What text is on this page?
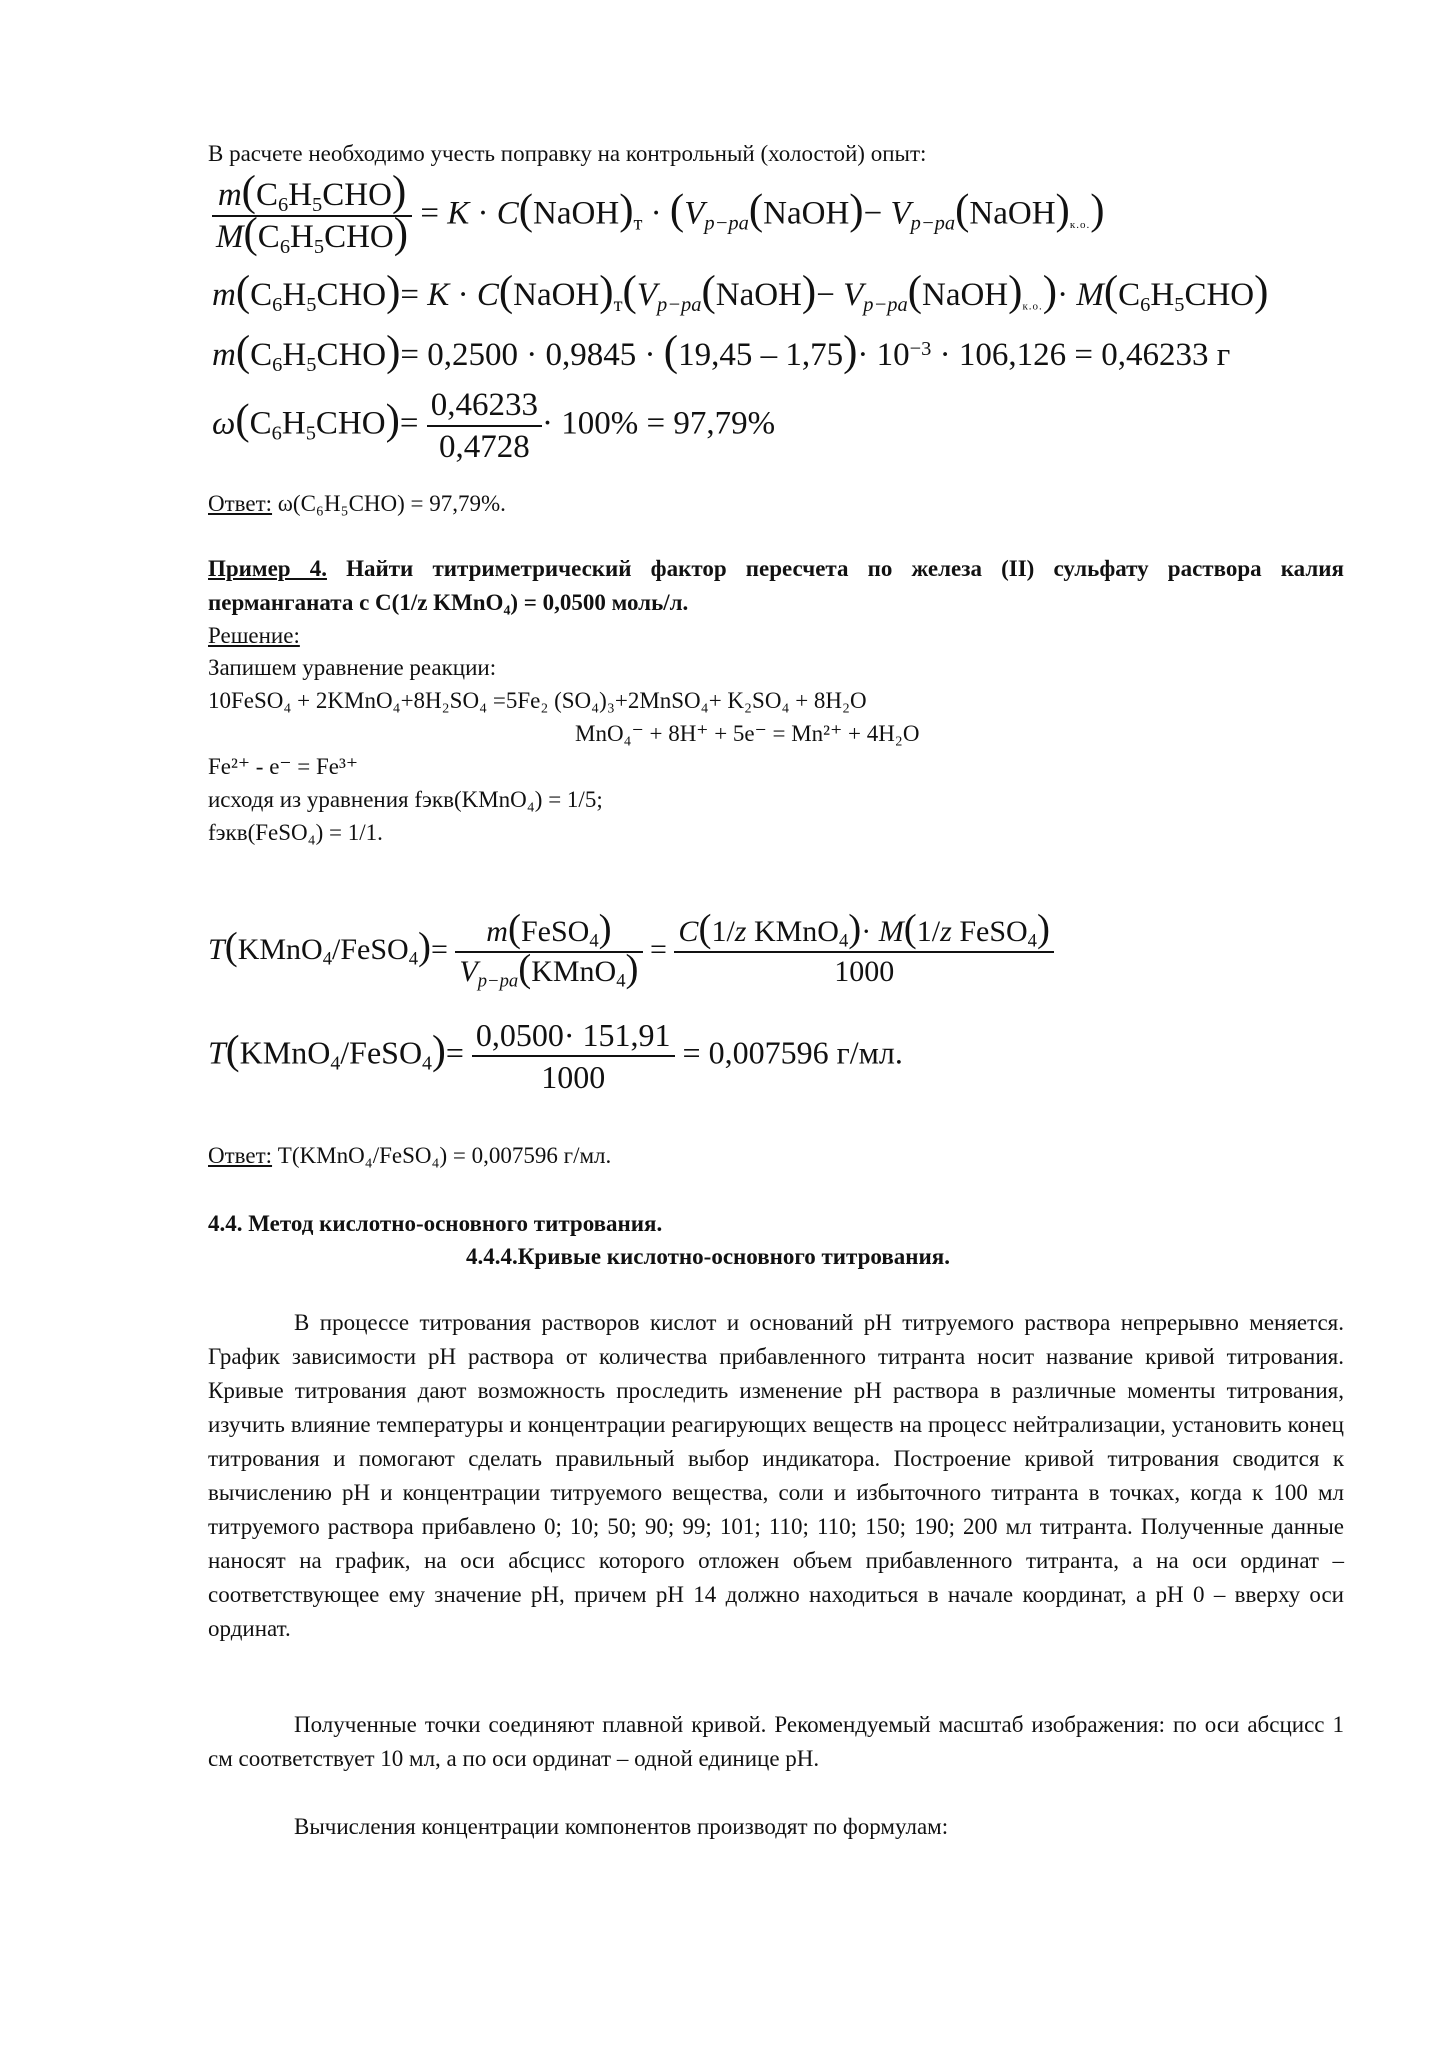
В расчете необходимо учесть поправку на контрольный (холостой) опыт:
$\frac{m(C_6H_5CHO)}{M(C_6H_5CHO)} = K$ · $C(NaOH)_т$ · ($V_{p-pa}(NaOH)-$ $V_{p-pa}(NaOH)к.о$.)
$m(C_6H_5CHO)= K$ · $C(NaOH)_т(V_{p-pa}(NaOH)-$ $V_{p-pa}(NaOH)к.о.)\cdot M(C_6H_5CHO)$
$m(C_6H_5CHO)= 0,2500 \cdot 0,9845 \cdot (19,45 - 1,75)\cdot 10^{-3} \cdot 106,126 = 0,46233$ г
$\omega(C_6H_5CHO)= \frac{0,46233}{0,4728} \cdot 100\% = 97,79\%$
Ответ: ω(C₆H₅CHO) = 97,79%.
Пример 4. Найти титриметрический фактор пересчета по железа (II) сульфату раствора калия перманганата с C(1/z KMnO₄) = 0,0500 моль/л.
Решение:
Запишем уравнение реакции:
10FeSO₄ + 2KMnO₄+8H₂SO₄ =5Fe₂ (SO₄)₃+2MnSO₄+ K₂SO₄ + 8H₂O
MnO₄⁻ + 8H⁺ + 5e⁻ = Mn²⁺ + 4H₂O
Fe²⁺ - e⁻ = Fe³⁺
исходя из уравнения fэкв(KMnO₄) = 1/5;
fэкв(FeSO₄) = 1/1.
T(KMnO$_4$/FeSO$_4$)= $\frac{m(FeSO_4)}{V_{p-pa}(KMnO_4)} = \frac{C(1/z KMnO_4)\cdot M(1/z FeSO_4)}{1000}$
T(KMnO$_4$/FeSO$_4$)= $\frac{0,0500\cdot 151,91}{1000} = 0,007596$ г/мл.
Ответ: T(KMnO₄/FeSO₄) = 0,007596 г/мл.
4.4. Метод кислотно-основного титрования.
4.4.4.Кривые кислотно-основного титрования.
В процессе титрования растворов кислот и оснований pH титруемого раствора непрерывно меняется. График зависимости pH раствора от количества прибавленного титранта носит название кривой титрования. Кривые титрования дают возможность проследить изменение pH раствора в различные моменты титрования, изучить влияние температуры и концентрации реагирующих веществ на процесс нейтрализации, установить конец титрования и помогают сделать правильный выбор индикатора. Построение кривой титрования сводится к вычислению pH и концентрации титруемого вещества, соли и избыточного титранта в точках, когда к 100 мл титруемого раствора прибавлено 0; 10; 50; 90; 99; 101; 110; 110; 150; 190; 200 мл титранта. Полученные данные наносят на график, на оси абсцисс которого отложен объем прибавленного титранта, а на оси ординат – соответствующее ему значение pH, причем pH 14 должно находиться в начале координат, а pH 0 – вверху оси ординат.
Полученные точки соединяют плавной кривой. Рекомендуемый масштаб изображения: по оси абсцисс 1 см соответствует 10 мл, а по оси ординат – одной единице pH.
Вычисления концентрации компонентов производят по формулам:
